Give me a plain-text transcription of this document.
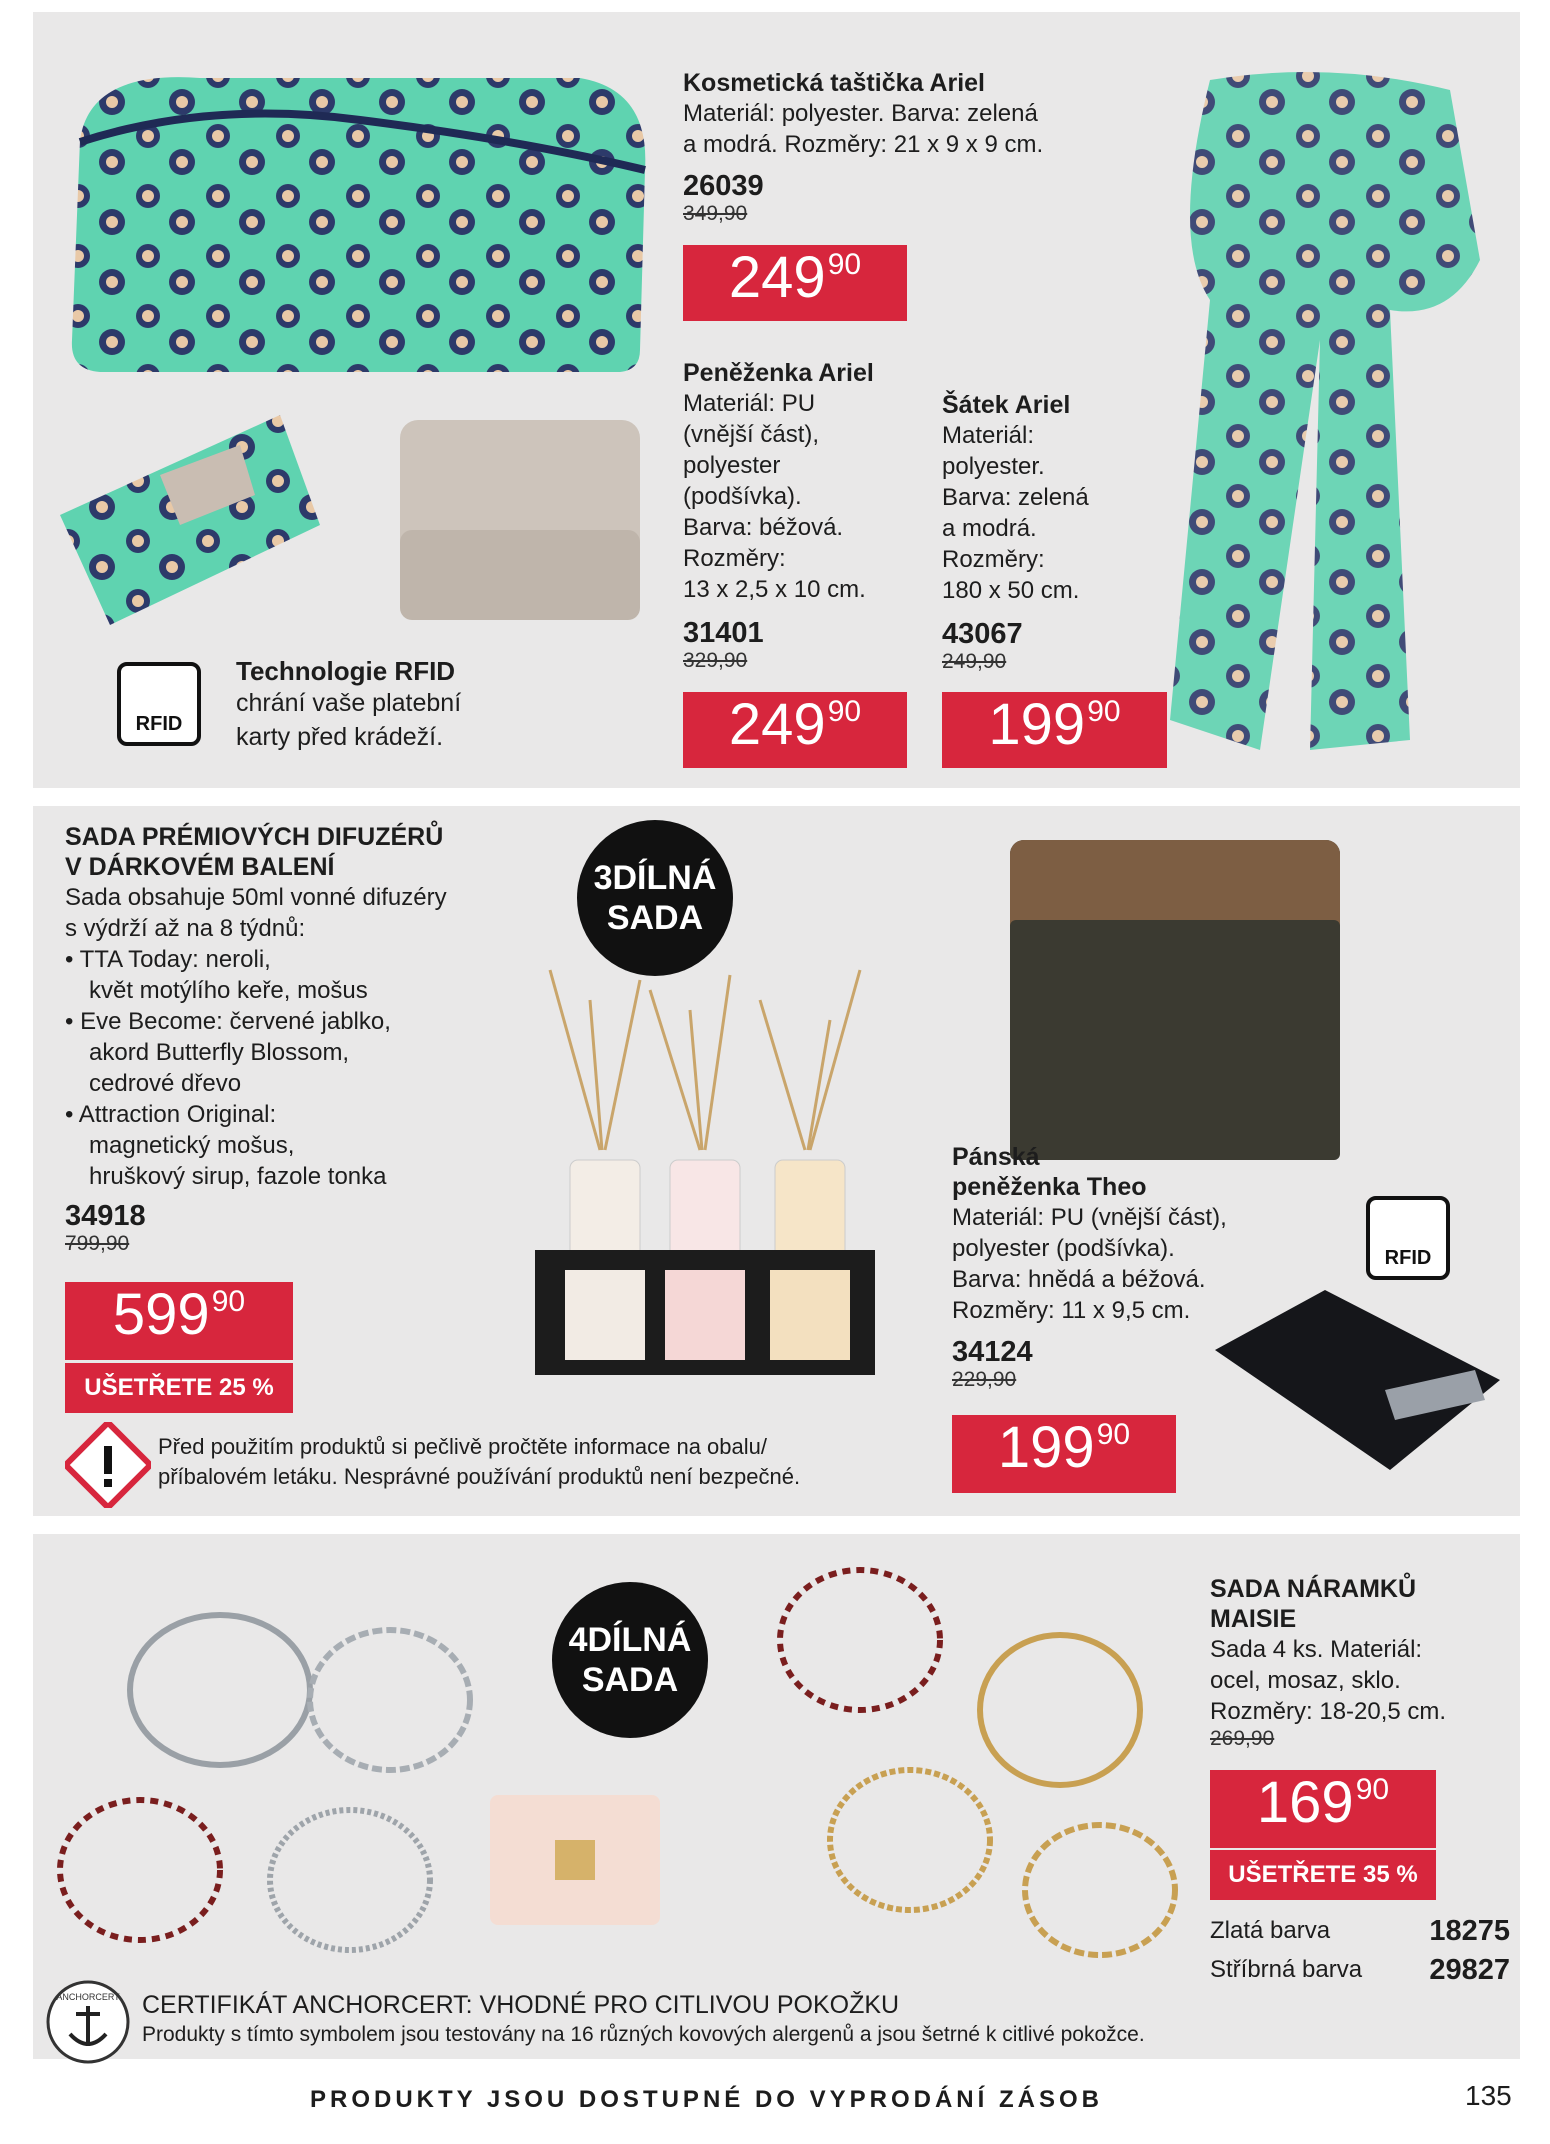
Kosmetická taštička Ariel
Materiál: polyester. Barva: zelená
a modrá. Rozměry: 21 x 9 x 9 cm.
26039
349,90
249 90
Peněženka Ariel
Materiál: PU
(vnější část),
polyester
(podšívka).
Barva: béžová.
Rozměry:
13 x 2,5 x 10 cm.
31401
329,90
249 90
Šátek Ariel
Materiál:
polyester.
Barva: zelená
a modrá.
Rozměry:
180 x 50 cm.
43067
249,90
199 90
RFID
Technologie RFID
chrání vaše platební
karty před krádeží.
SADA PRÉMIOVÝCH DIFUZÉRŮ
V DÁRKOVÉM BALENÍ
Sada obsahuje 50ml vonné difuzéry
s výdrží až na 8 týdnů:
• TTA Today: neroli,
květ motýlího keře, mošus
• Eve Become: červené jablko,
akord Butterfly Blossom,
cedrové dřevo
• Attraction Original:
magnetický mošus,
hruškový sirup, fazole tonka
34918
799,90
599 90
UŠETŘETE 25 %
3DÍLNÁ
SADA
Před použitím produktů si pečlivě pročtěte informace na obalu/
příbalovém letáku. Nesprávné používání produktů není bezpečné.
RFID
Pánská
peněženka Theo
Materiál: PU (vnější část),
polyester (podšívka).
Barva: hnědá a béžová.
Rozměry: 11 x 9,5 cm.
34124
229,90
199 90
4DÍLNÁ
SADA
SADA NÁRAMKŮ
MAISIE
Sada 4 ks. Materiál:
ocel, mosaz, sklo.
Rozměry: 18-20,5 cm.
269,90
169 90
UŠETŘETE 35 %
Zlatá barva	18275
Stříbrná barva 29827
ANCHORCERT CERTIFIKÁT ANCHORCERT: VHODNÉ PRO CITLIVOU POKOŽKU
Produkty s tímto symbolem jsou testovány na 16 různých kovových alergenů a jsou šetrné k citlivé pokožce.
PRODUKTY JSOU DOSTUPNÉ DO VYPRODÁNÍ ZÁSOB	135
